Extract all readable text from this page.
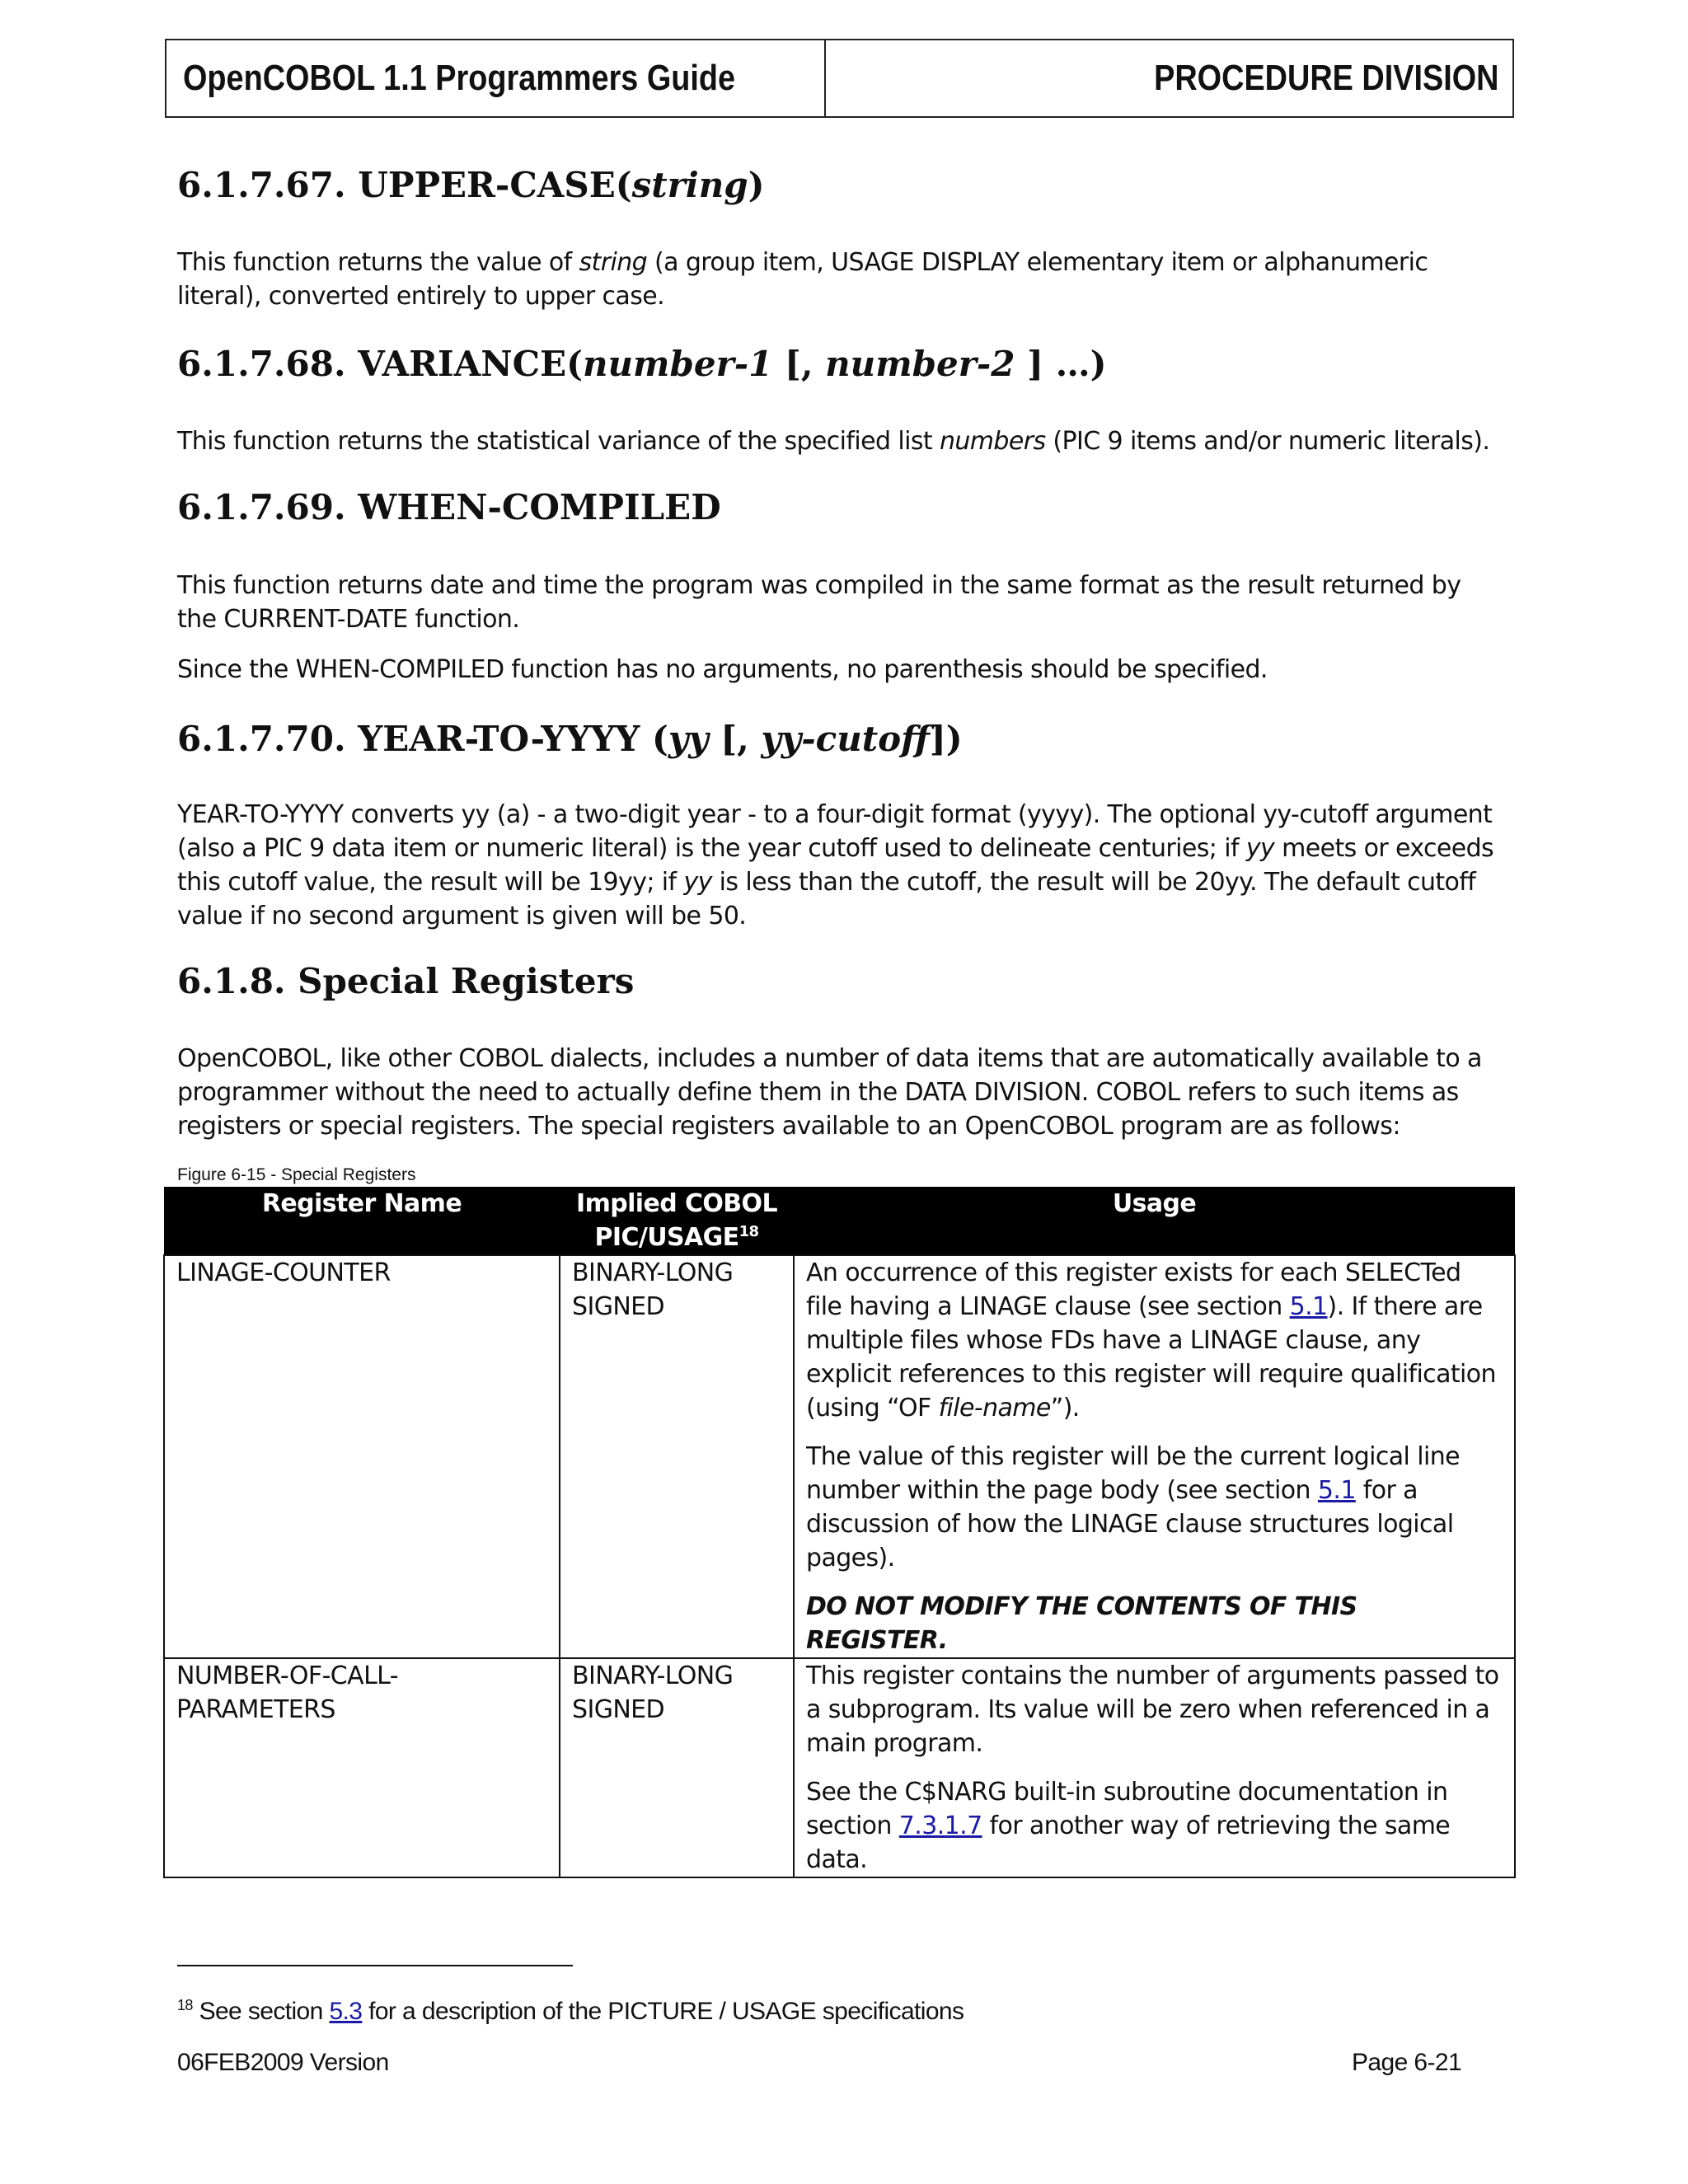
OpenCOBOL 1.1 Programmers Guide	PROCEDURE DIVISION
6.1.7.67. UPPER-CASE(string)

This function returns the value of string (a group item, USAGE DISPLAY elementary item or alphanumeric literal), converted entirely to upper case.

6.1.7.68. VARIANCE(number-1 [, number-2 ] …)

This function returns the statistical variance of the specified list numbers (PIC 9 items and/or numeric literals).

6.1.7.69. WHEN-COMPILED

This function returns date and time the program was compiled in the same format as the result returned by the CURRENT-DATE function.

Since the WHEN-COMPILED function has no arguments, no parenthesis should be specified.

6.1.7.70. YEAR-TO-YYYY (yy [, yy-cutoff])

YEAR-TO-YYYY converts yy (a) - a two-digit year - to a four-digit format (yyyy). The optional yy-cutoff argument (also a PIC 9 data item or numeric literal) is the year cutoff used to delineate centuries; if yy meets or exceeds this cutoff value, the result will be 19yy; if yy is less than the cutoff, the result will be 20yy. The default cutoff value if no second argument is given will be 50.

6.1.8. Special Registers

OpenCOBOL, like other COBOL dialects, includes a number of data items that are automatically available to a programmer without the need to actually define them in the DATA DIVISION. COBOL refers to such items as registers or special registers. The special registers available to an OpenCOBOL program are as follows:

Figure 6-15 - Special Registers
Register Name	Implied COBOL PIC/USAGE$^{18}$	Usage
LINAGE-COUNTER	BINARY-LONG SIGNED	An occurrence of this register exists for each SELECTed file having a LINAGE clause (see section 5.1). If there are multiple files whose FDs have a LINAGE clause, any explicit references to this register will require qualification (using “OF file-name”).

The value of this register will be the current logical line number within the page body (see section 5.1 for a discussion of how the LINAGE clause structures logical pages).

DO NOT MODIFY THE CONTENTS OF THIS REGISTER.

NUMBER-OF-CALL-PARAMETERS	BINARY-LONG SIGNED	This register contains the number of arguments passed to a subprogram. Its value will be zero when referenced in a main program.

See the C$NARG built-in subroutine documentation in section 7.3.1.7 for another way of retrieving the same data.

$^{18}$ See section 5.3 for a description of the PICTURE / USAGE specifications
06FEB2009 Version	Page 6-21
